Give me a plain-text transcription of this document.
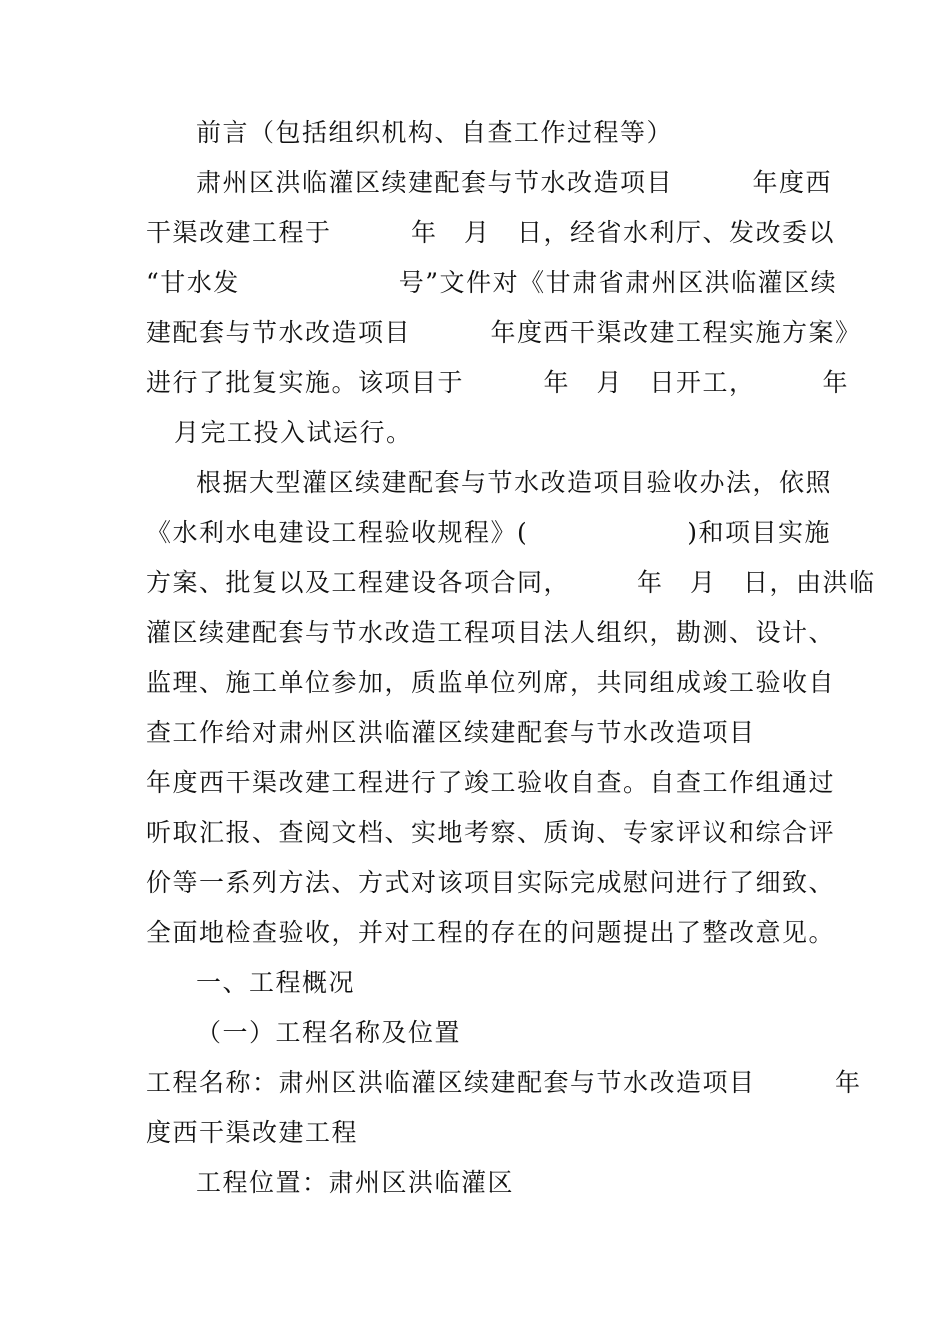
前言（包括组织机构、自查工作过程等）
肃州区洪临灌区续建配套与节水改造项目　　　年度西
干渠改建工程于　　　年　月　日，经省水利厅、发改委以
“甘水发　　　　　　号”文件对《甘肃省肃州区洪临灌区续
建配套与节水改造项目　　　年度西干渠改建工程实施方案》
进行了批复实施。该项目于　　　年　月　日开工，　　　年
月完工投入试运行。
根据大型灌区续建配套与节水改造项目验收办法，依照
《水利水电建设工程验收规程》(　　　　　　)和项目实施
方案、批复以及工程建设各项合同，　　　年　月　日，由洪临
灌区续建配套与节水改造工程项目法人组织，勘测、设计、
监理、施工单位参加，质监单位列席，共同组成竣工验收自
查工作给对肃州区洪临灌区续建配套与节水改造项目
年度西干渠改建工程进行了竣工验收自查。自查工作组通过
听取汇报、查阅文档、实地考察、质询、专家评议和综合评
价等一系列方法、方式对该项目实际完成慰问进行了细致、
全面地检查验收，并对工程的存在的问题提出了整改意见。
一、工程概况
（一）工程名称及位置
工程名称：肃州区洪临灌区续建配套与节水改造项目　　　年
度西干渠改建工程
工程位置：肃州区洪临灌区
